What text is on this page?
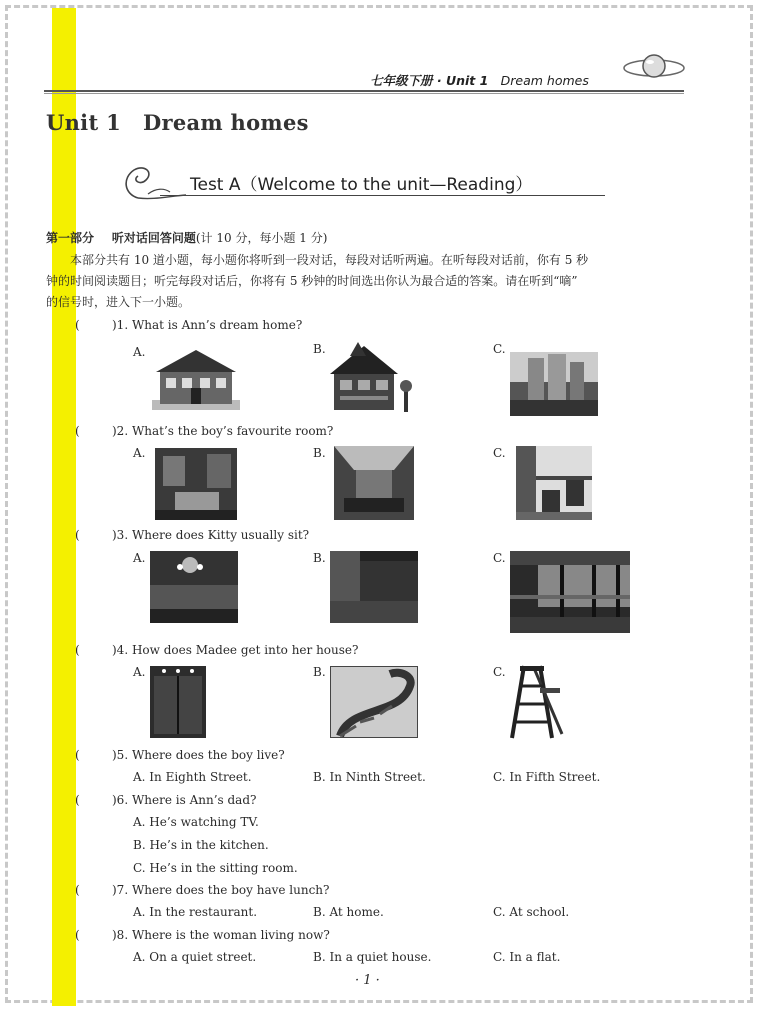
七年级下册 · Unit 1 Dream homes
Unit 1 Dream homes
Test A（Welcome to the unit—Reading）
第一部分 听对话回答问题(计 10 分，每小题 1 分)
本部分共有 10 道小题，每小题你将听到一段对话，每段对话听两遍。在听每段对话前，你有 5 秒
钟的时间阅读题目；听完每段对话后，你将有 5 秒钟的时间选出你认为最合适的答案。请在听到“嘀”
的信号时，进入下一小题。
(	)1. What is Ann’s dream home?
A.	B.	C.
(	)2. What’s the boy’s favourite room?
A.	B.	C.
(	)3. Where does Kitty usually sit?
A.	B.	C.
(	)4. How does Madee get into her house?
A.	B.	C.
(	)5. Where does the boy live?
A. In Eighth Street.	B. In Ninth Street.	C. In Fifth Street.
(	)6. Where is Ann’s dad?
A. He’s watching TV.
B. He’s in the kitchen.
C. He’s in the sitting room.
(	)7. Where does the boy have lunch?
A. In the restaurant.	B. At home.	C. At school.
(	)8. Where is the woman living now?
A. On a quiet street.	B. In a quiet house.	C. In a flat.
· 1 ·
